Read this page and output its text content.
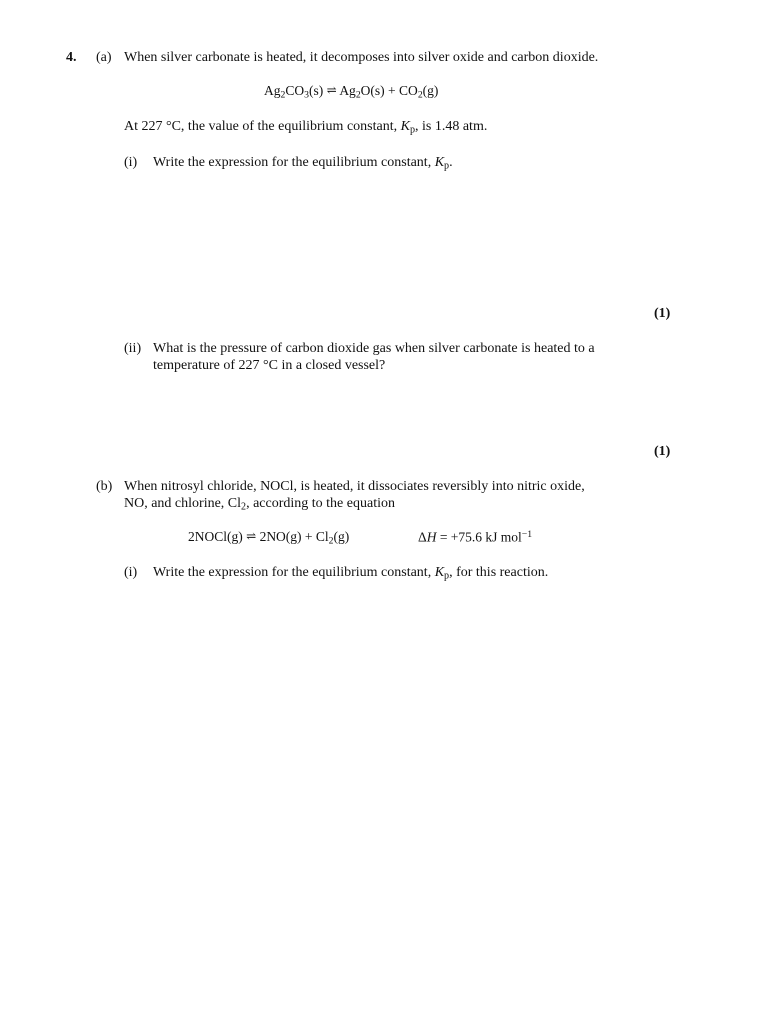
4. (a) When silver carbonate is heated, it decomposes into silver oxide and carbon dioxide.
$Ag_2CO_3(s)$ ⇌ $Ag_2O(s) + CO_2(g)$
At 227 °C, the value of the equilibrium constant, $K_p$, is 1.48 atm.
(i) Write the expression for the equilibrium constant, $K_p$.
(1)
(ii) What is the pressure of carbon dioxide gas when silver carbonate is heated to a
temperature of 227 °C in a closed vessel?
(1)
(b) When nitrosyl chloride, NOCl, is heated, it dissociates reversibly into nitric oxide,
NO, and chlorine, $Cl_2$, according to the equation
2NOCl(g) ⇌ $2NO(g) + Cl_2(g)$	ΔH = +75.6 kJ mol$^{-1}$
(i) Write the expression for the equilibrium constant, $K_p$, for this reaction.
